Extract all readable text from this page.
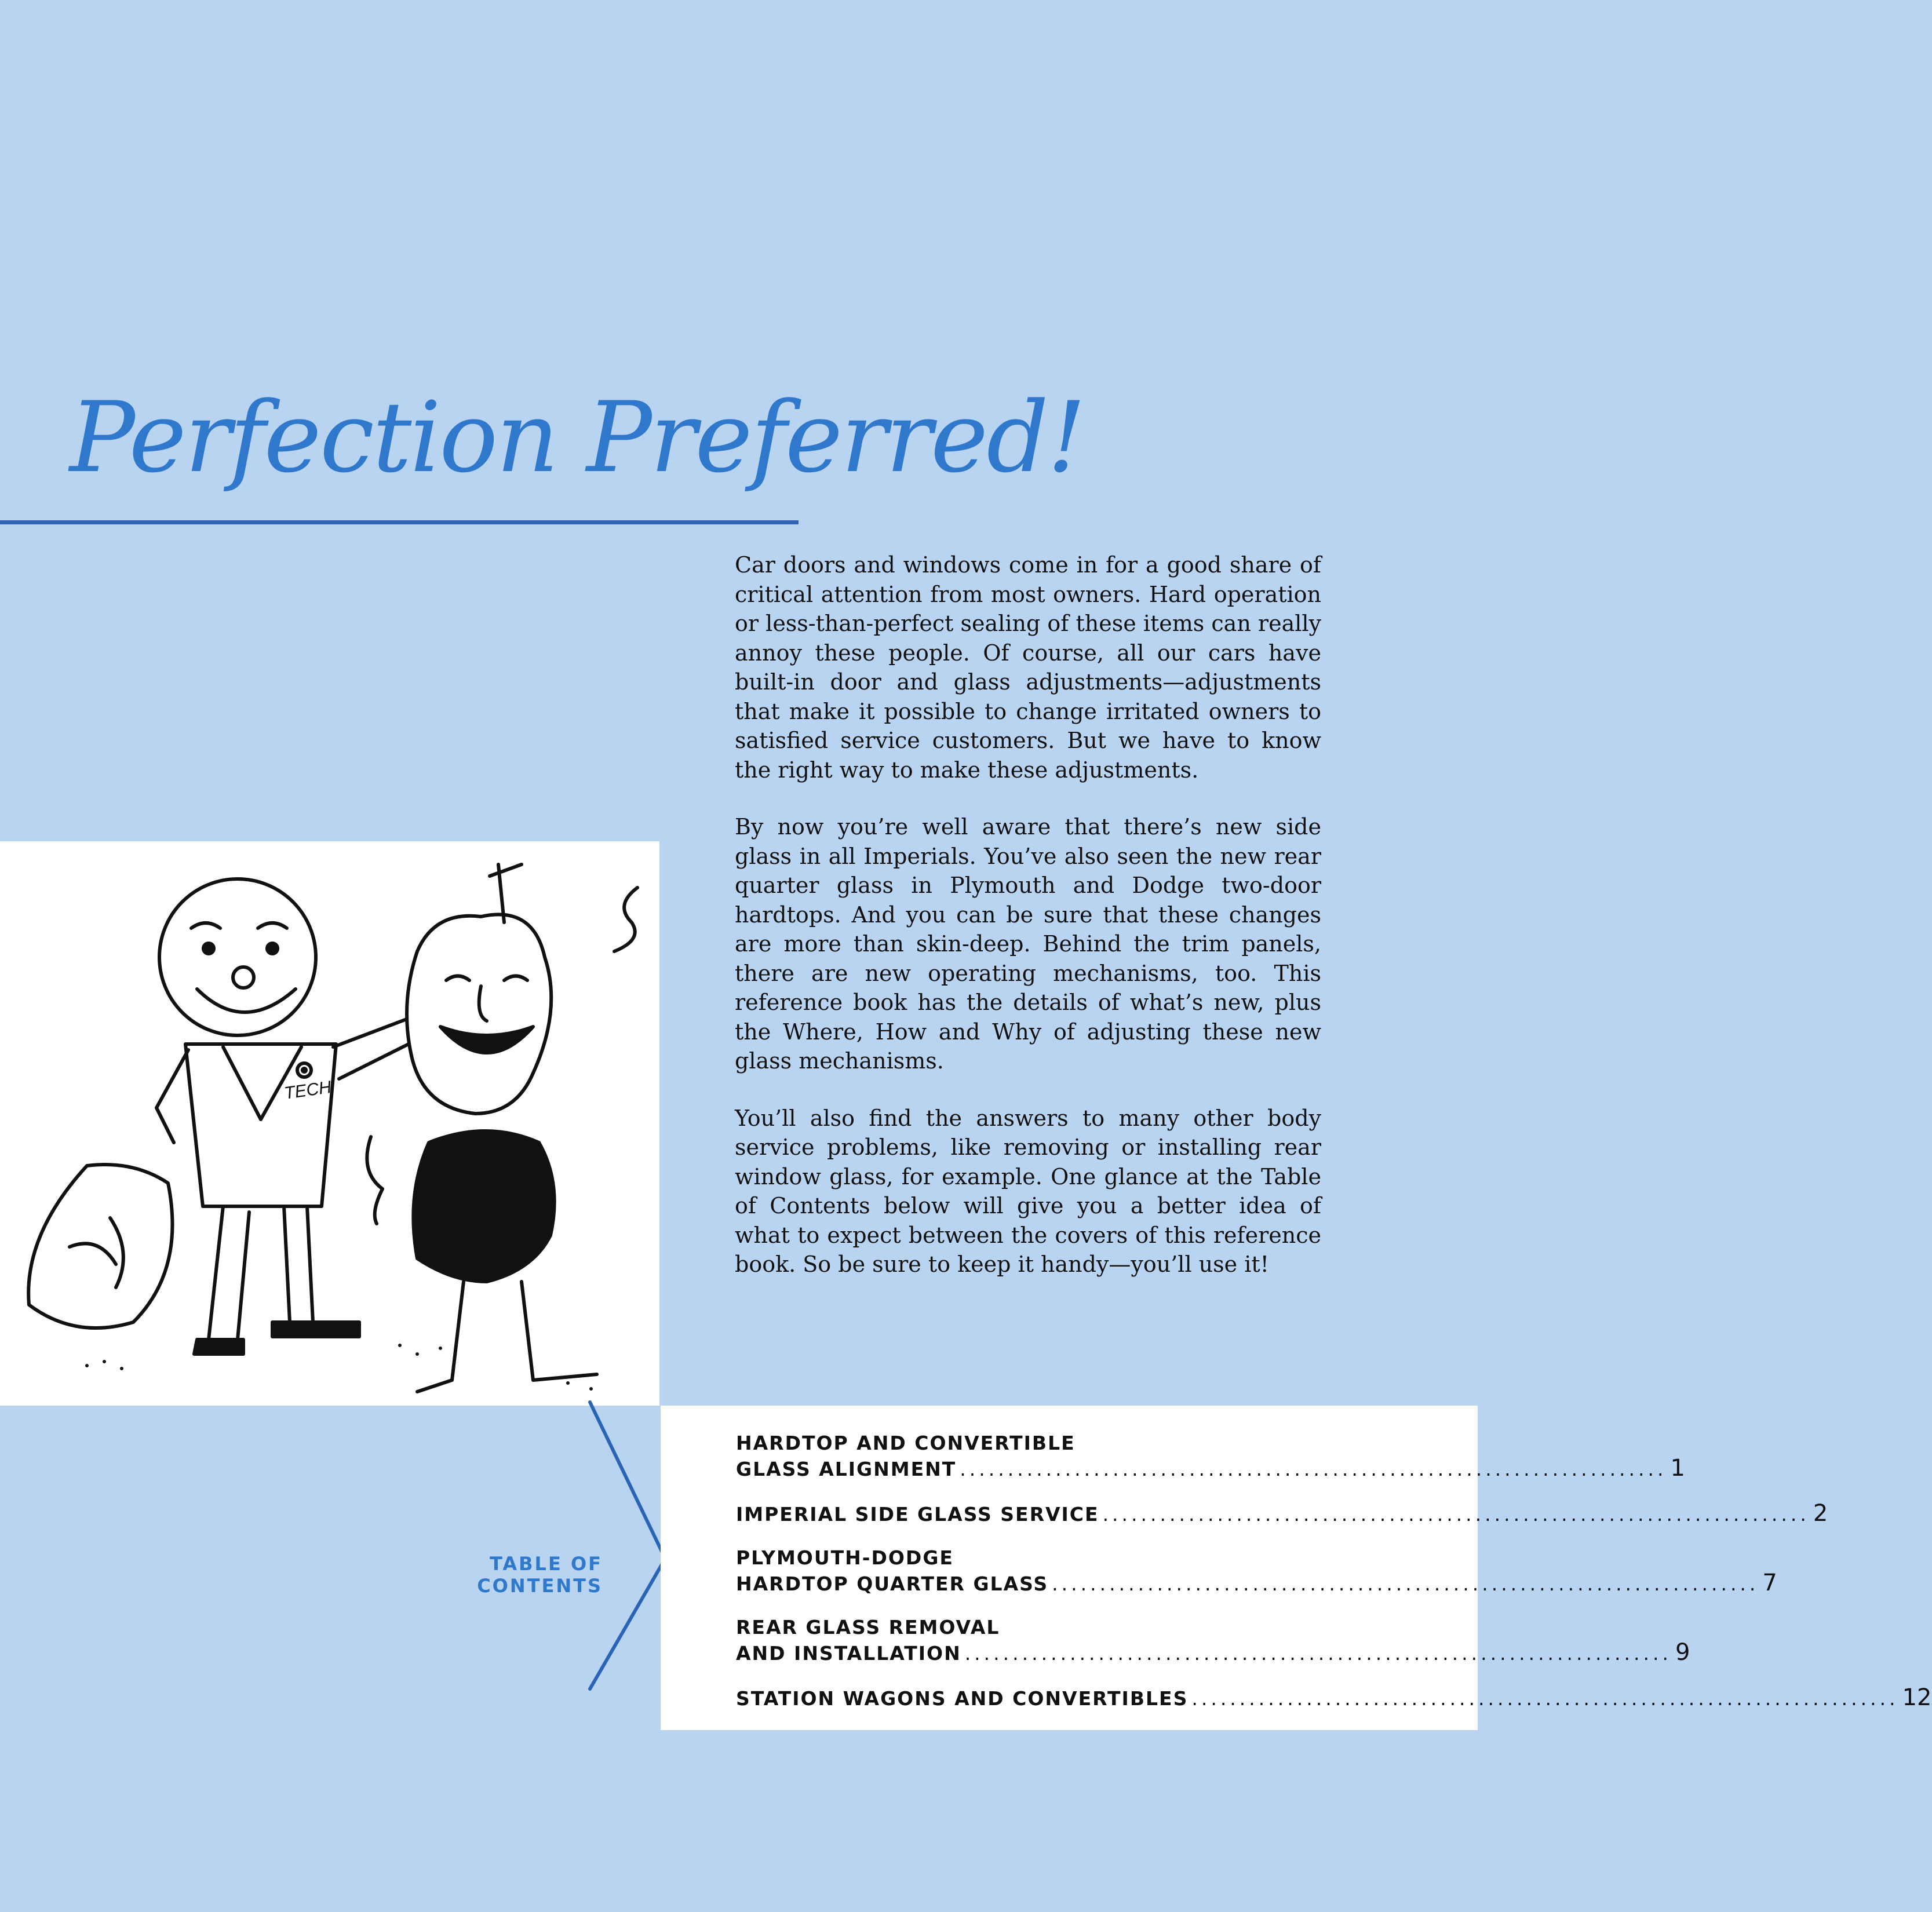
Perfection Preferred!

Car doors and windows come in for a good share of critical attention from most owners. Hard operation or less-than-perfect sealing of these items can really annoy these people. Of course, all our cars have built-in door and glass adjustments—adjustments that make it possible to change irritated owners to satisfied service customers. But we have to know the right way to make these adjustments.

By now you’re well aware that there’s new side glass in all Imperials. You’ve also seen the new rear quarter glass in Plymouth and Dodge two-door hardtops. And you can be sure that these changes are more than skin-deep. Behind the trim panels, there are new operating mechanisms, too. This reference book has the details of what’s new, plus the Where, How and Why of adjusting these new glass mechanisms.

You’ll also find the answers to many other body service problems, like removing or installing rear window glass, for example. One glance at the Table of Contents below will give you a better idea of what to expect between the covers of this reference book. So be sure to keep it handy—you’ll use it!

TECH
TABLE OF CONTENTS
HARDTOP AND CONVERTIBLE
GLASS ALIGNMENT .......................................................................... 1
IMPERIAL SIDE GLASS SERVICE .......................................................................... 2
PLYMOUTH-DODGE
HARDTOP QUARTER GLASS .......................................................................... 7
REAR GLASS REMOVAL
AND INSTALLATION .......................................................................... 9
STATION WAGONS AND CONVERTIBLES .......................................................................... 12
